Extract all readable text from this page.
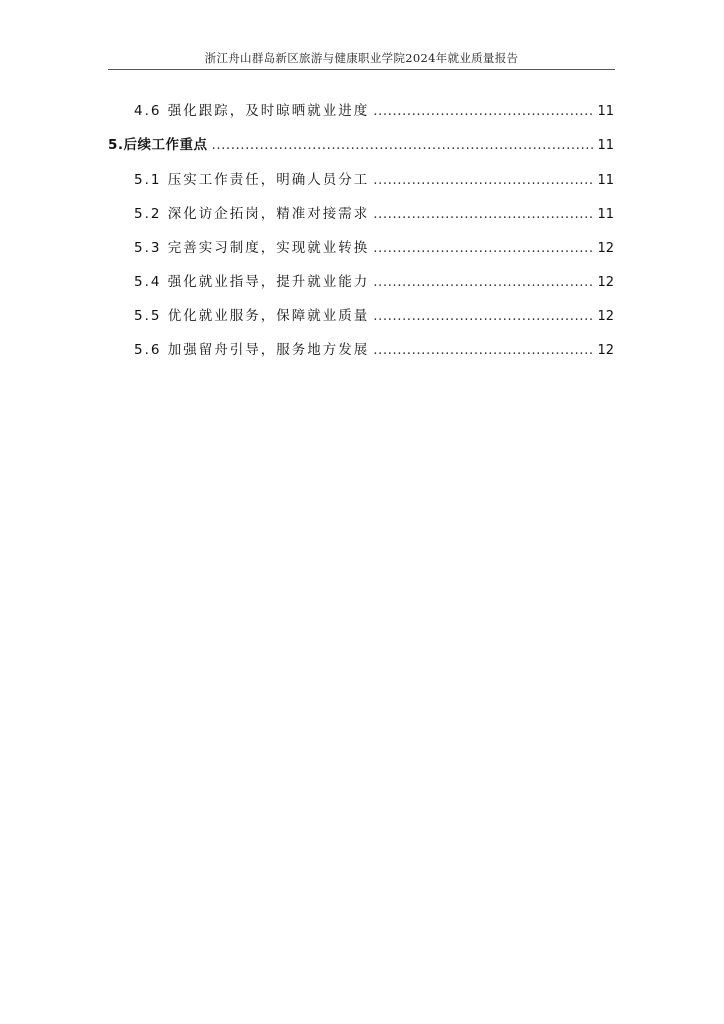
浙江舟山群岛新区旅游与健康职业学院2024年就业质量报告
4.6 强化跟踪，及时晾晒就业进度 .....	11
5.后续工作重点 .....	11
5.1 压实工作责任，明确人员分工 .....	11
5.2 深化访企拓岗，精准对接需求 .....	11
5.3 完善实习制度，实现就业转换 .....	12
5.4 强化就业指导，提升就业能力 .....	12
5.5 优化就业服务，保障就业质量 .....	12
5.6 加强留舟引导，服务地方发展 .....	12
